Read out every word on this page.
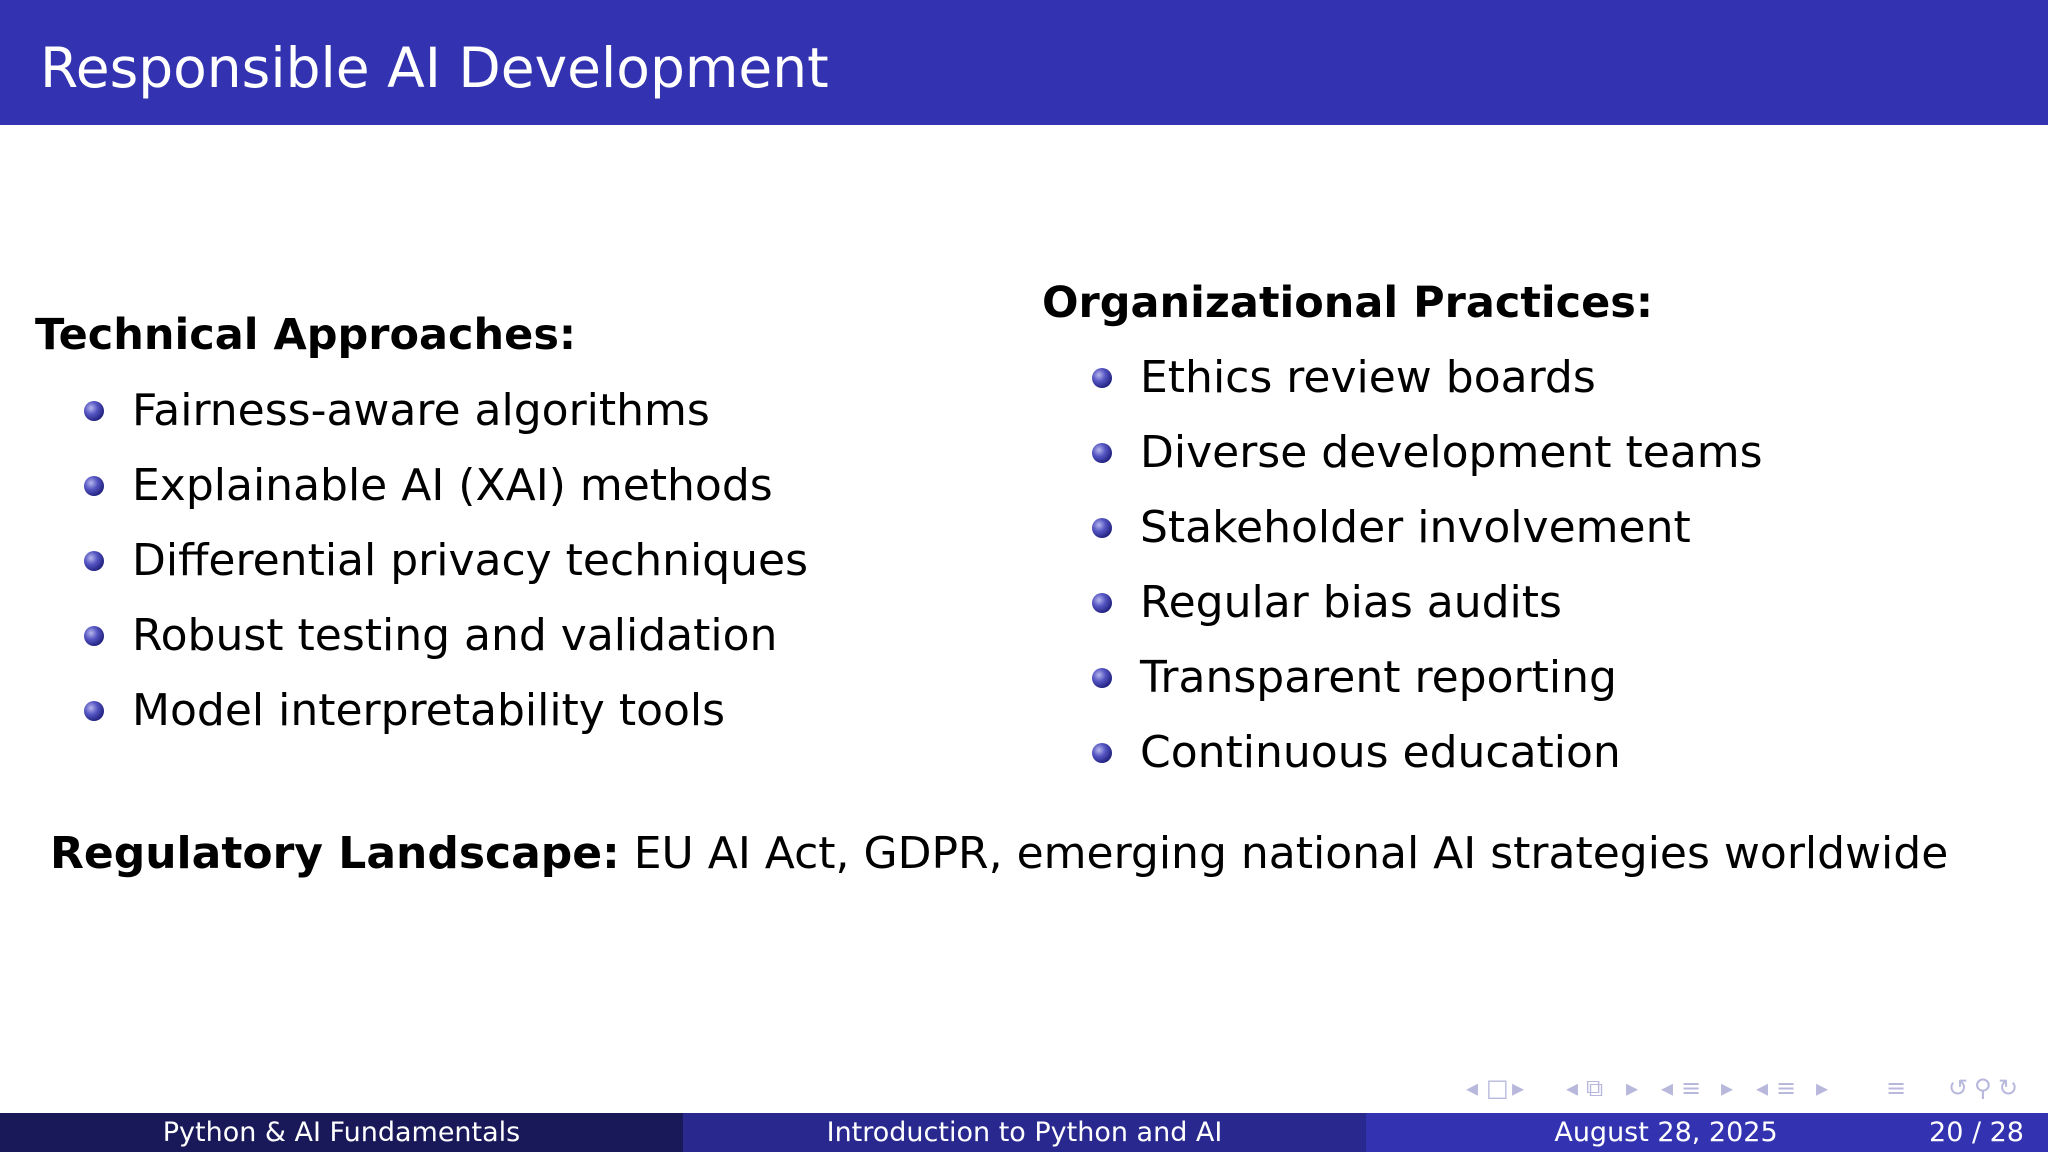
Responsible AI Development
Technical Approaches:
Fairness-aware algorithms
Explainable AI (XAI) methods
Differential privacy techniques
Robust testing and validation
Model interpretability tools
Organizational Practices:
Ethics review boards
Diverse development teams
Stakeholder involvement
Regular bias audits
Transparent reporting
Continuous education
Regulatory Landscape: EU AI Act, GDPR, emerging national AI strategies worldwide
◂ □ ▸ ◂ ⧉ ▸ ◂ ≡ ▸ ◂ ≡ ▸ ≡ ↺ ⚲ ↻
Python & AI Fundamentals	Introduction to Python and AI	August 28, 2025	20 / 28
